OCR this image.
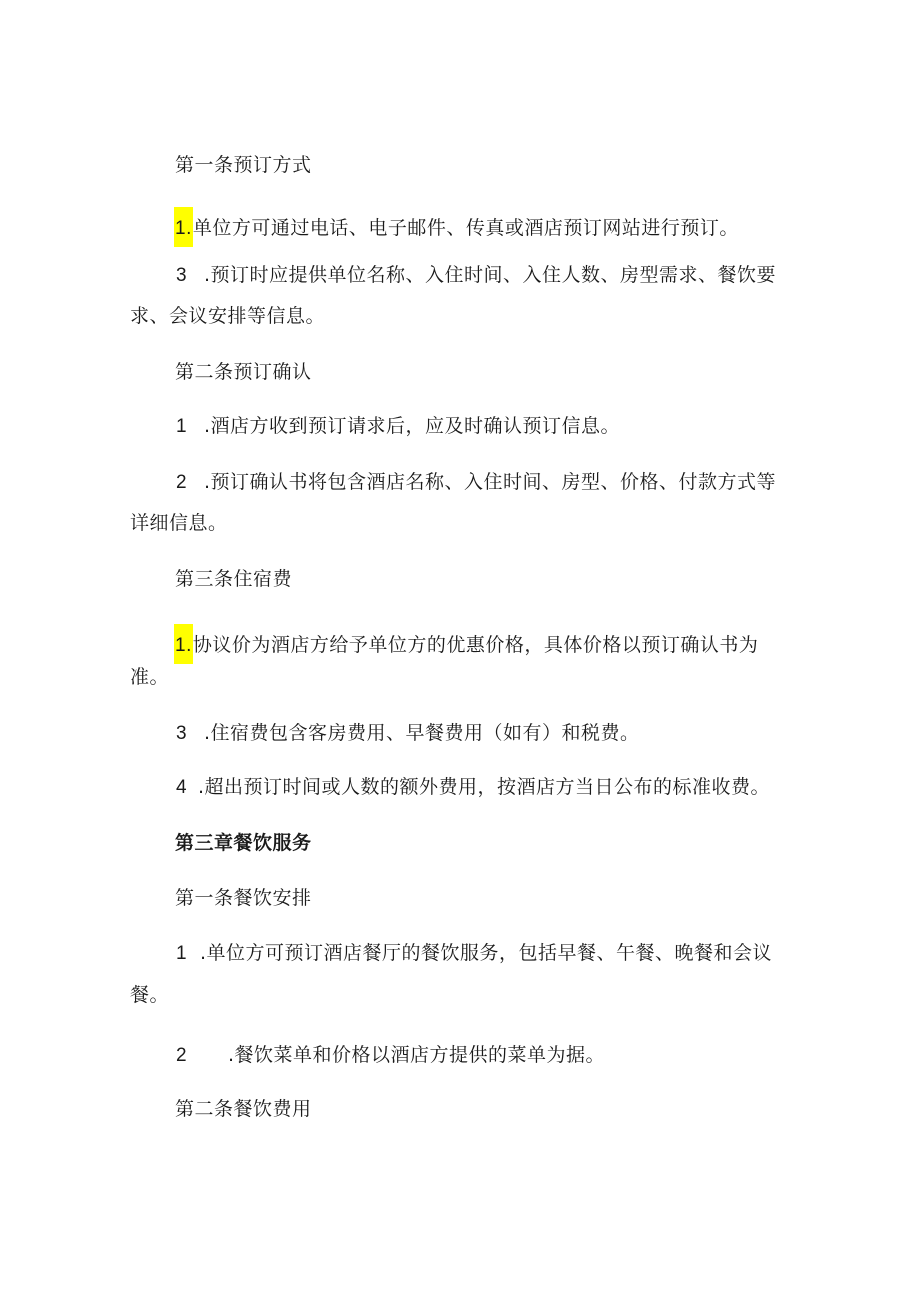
第一条预订方式
1.单位方可通过电话、电子邮件、传真或酒店预订网站进行预订。
3 .预订时应提供单位名称、入住时间、入住人数、房型需求、餐饮要
求、会议安排等信息。
第二条预订确认
1 .酒店方收到预订请求后，应及时确认预订信息。
2 .预订确认书将包含酒店名称、入住时间、房型、价格、付款方式等
详细信息。
第三条住宿费
1.协议价为酒店方给予单位方的优惠价格，具体价格以预订确认书为
准。
3 .住宿费包含客房费用、早餐费用（如有）和税费。
4 .超出预订时间或人数的额外费用，按酒店方当日公布的标准收费。
第三章餐饮服务
第一条餐饮安排
1 .单位方可预订酒店餐厅的餐饮服务，包括早餐、午餐、晚餐和会议
餐。
2 .餐饮菜单和价格以酒店方提供的菜单为据。
第二条餐饮费用
